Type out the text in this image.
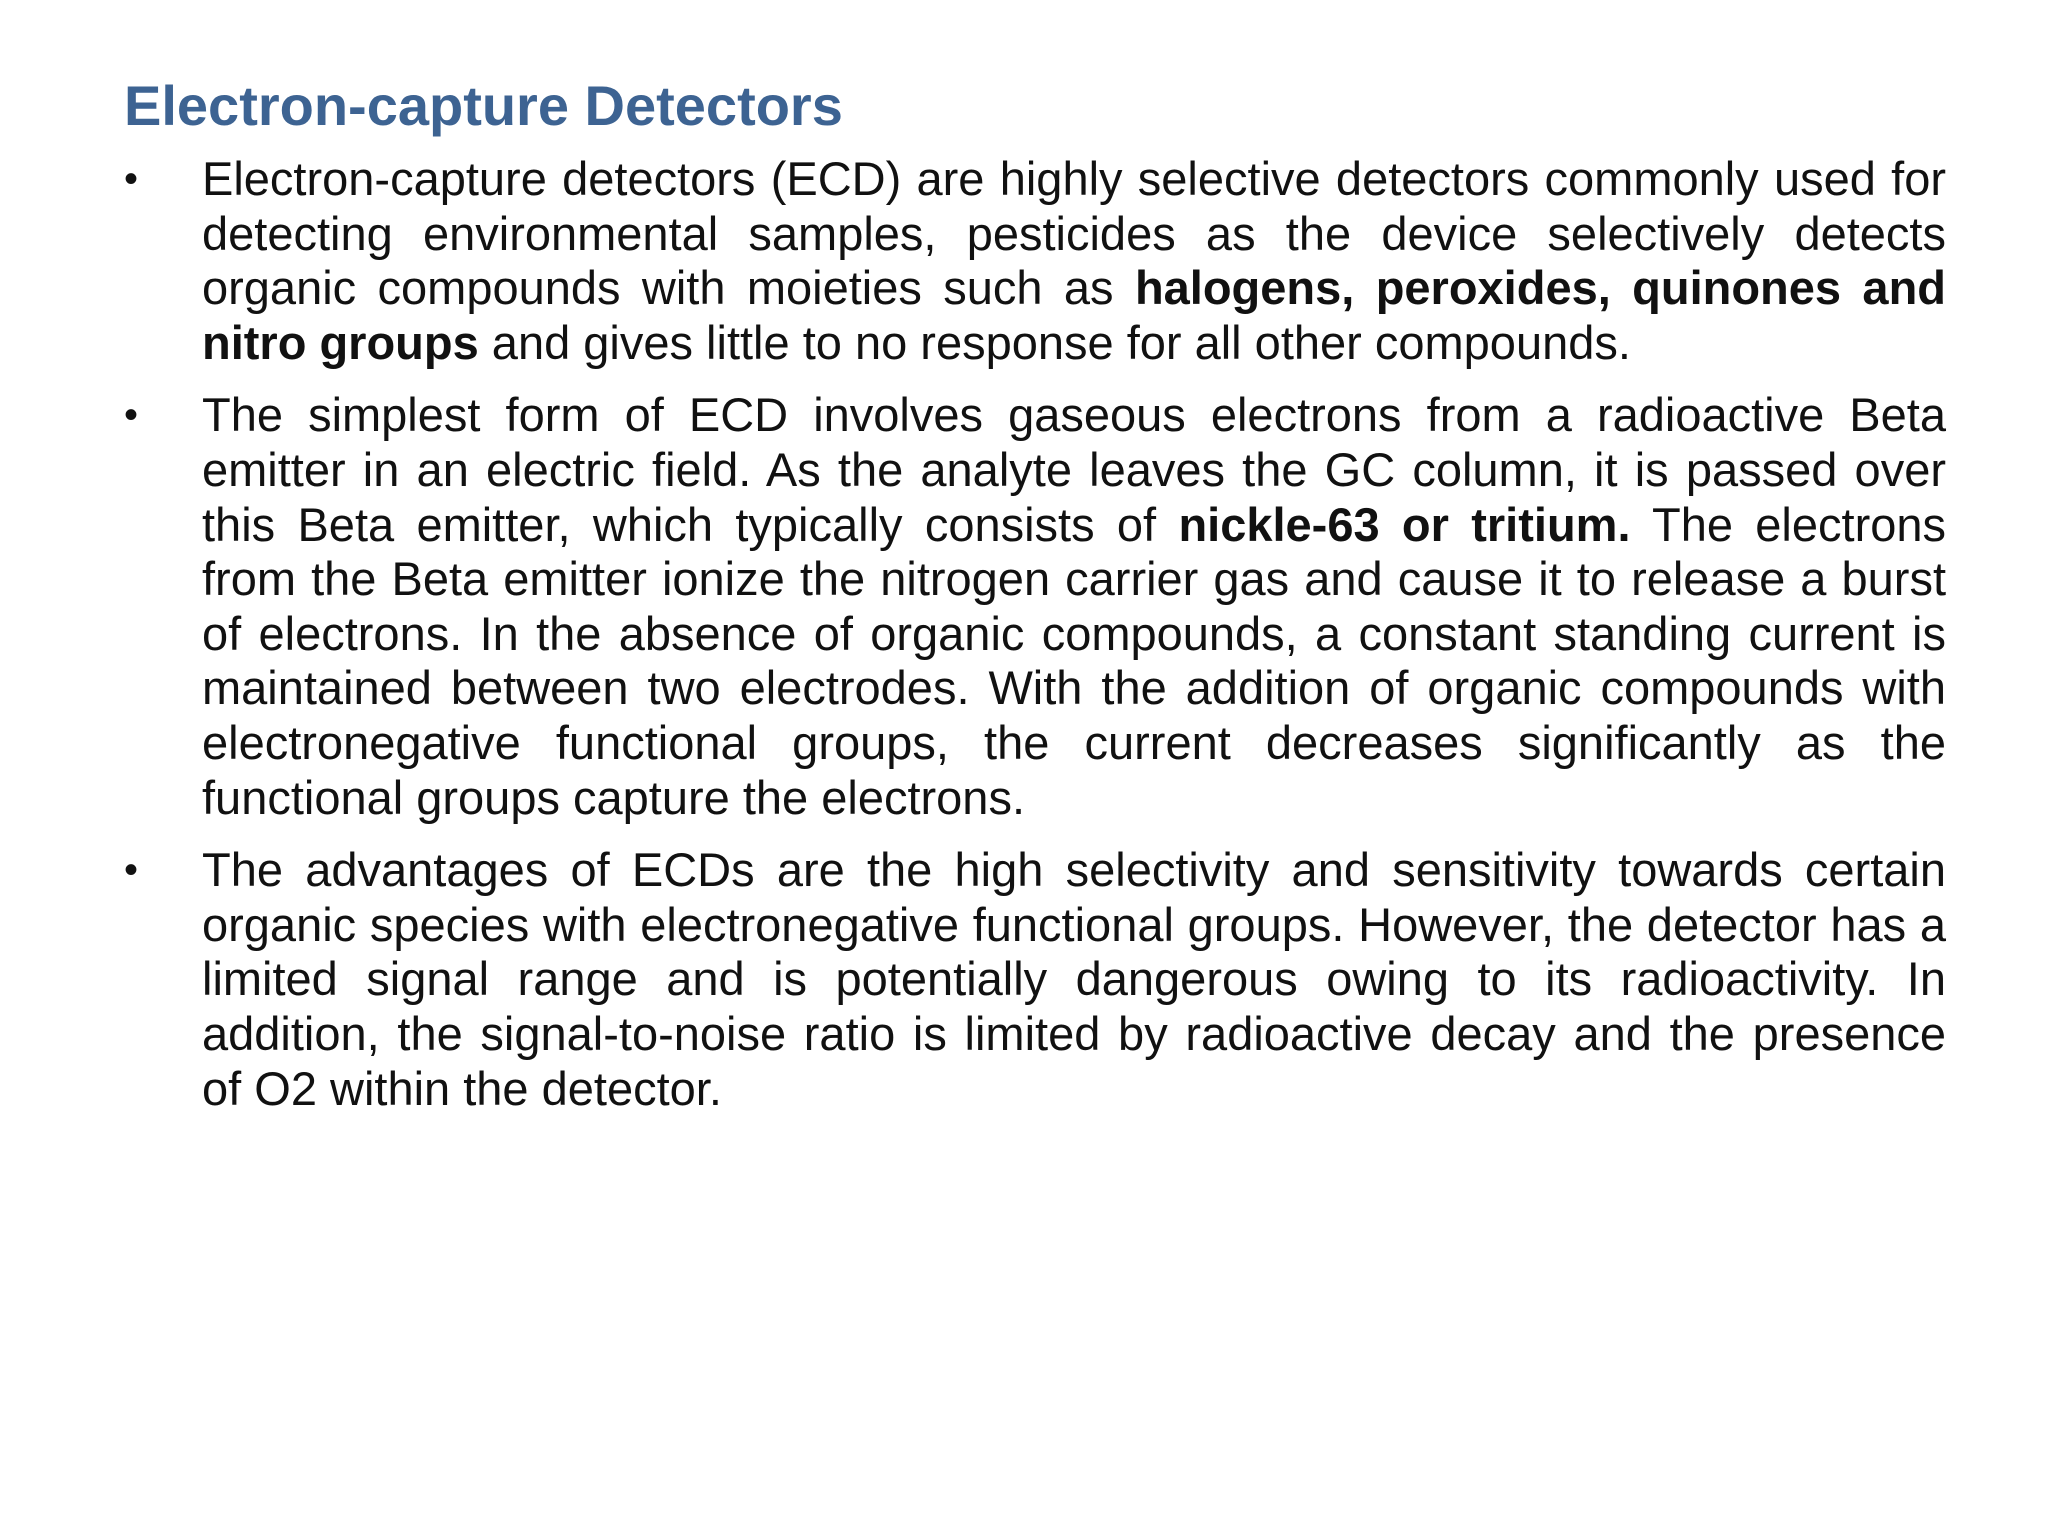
Electron-capture Detectors
•	Electron-capture detectors (ECD) are highly selective detectors commonly used for detecting environmental samples, pesticides as the device selectively detects organic compounds with moieties such as halogens, peroxides, quinones and nitro groups and gives little to no response for all other compounds.
•	The simplest form of ECD involves gaseous electrons from a radioactive Beta emitter in an electric field. As the analyte leaves the GC column, it is passed over this Beta emitter, which typically consists of nickle-63 or tritium. The electrons from the Beta emitter ionize the nitrogen carrier gas and cause it to release a burst of electrons. In the absence of organic compounds, a constant standing current is maintained between two electrodes. With the addition of organic compounds with electronegative functional groups, the current decreases significantly as the functional groups capture the electrons.
•	The advantages of ECDs are the high selectivity and sensitivity towards certain organic species with electronegative functional groups. However, the detector has a limited signal range and is potentially dangerous owing to its radioactivity. In addition, the signal-to-noise ratio is limited by radioactive decay and the presence of O2 within the detector.
